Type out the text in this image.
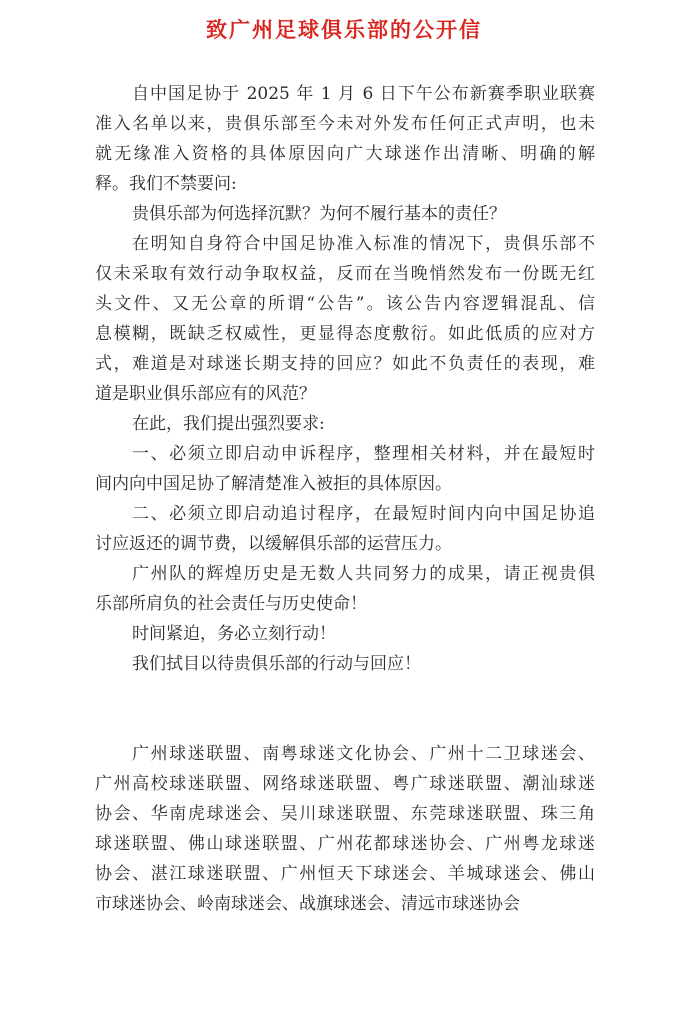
致广州足球俱乐部的公开信
自中国足协于 2025 年 1 月 6 日下午公布新赛季职业联赛
准入名单以来，贵俱乐部至今未对外发布任何正式声明，也未
就无缘准入资格的具体原因向广大球迷作出清晰、明确的解
释。我们不禁要问:
贵俱乐部为何选择沉默？为何不履行基本的责任？
在明知自身符合中国足协准入标准的情况下，贵俱乐部不
仅未采取有效行动争取权益，反而在当晚悄然发布一份既无红
头文件、又无公章的所谓“公告”。该公告内容逻辑混乱、信
息模糊，既缺乏权威性，更显得态度敷衍。如此低质的应对方
式，难道是对球迷长期支持的回应？如此不负责任的表现，难
道是职业俱乐部应有的风范？
在此，我们提出强烈要求:
一、必须立即启动申诉程序，整理相关材料，并在最短时
间内向中国足协了解清楚准入被拒的具体原因。
二、必须立即启动追讨程序，在最短时间内向中国足协追
讨应返还的调节费，以缓解俱乐部的运营压力。
广州队的辉煌历史是无数人共同努力的成果，请正视贵俱
乐部所肩负的社会责任与历史使命！
时间紧迫，务必立刻行动！
我们拭目以待贵俱乐部的行动与回应！
广州球迷联盟、南粤球迷文化协会、广州十二卫球迷会、
广州高校球迷联盟、网络球迷联盟、粤广球迷联盟、潮汕球迷
协会、华南虎球迷会、吴川球迷联盟、东莞球迷联盟、珠三角
球迷联盟、佛山球迷联盟、广州花都球迷协会、广州粤龙球迷
协会、湛江球迷联盟、广州恒天下球迷会、羊城球迷会、佛山
市球迷协会、岭南球迷会、战旗球迷会、清远市球迷协会
